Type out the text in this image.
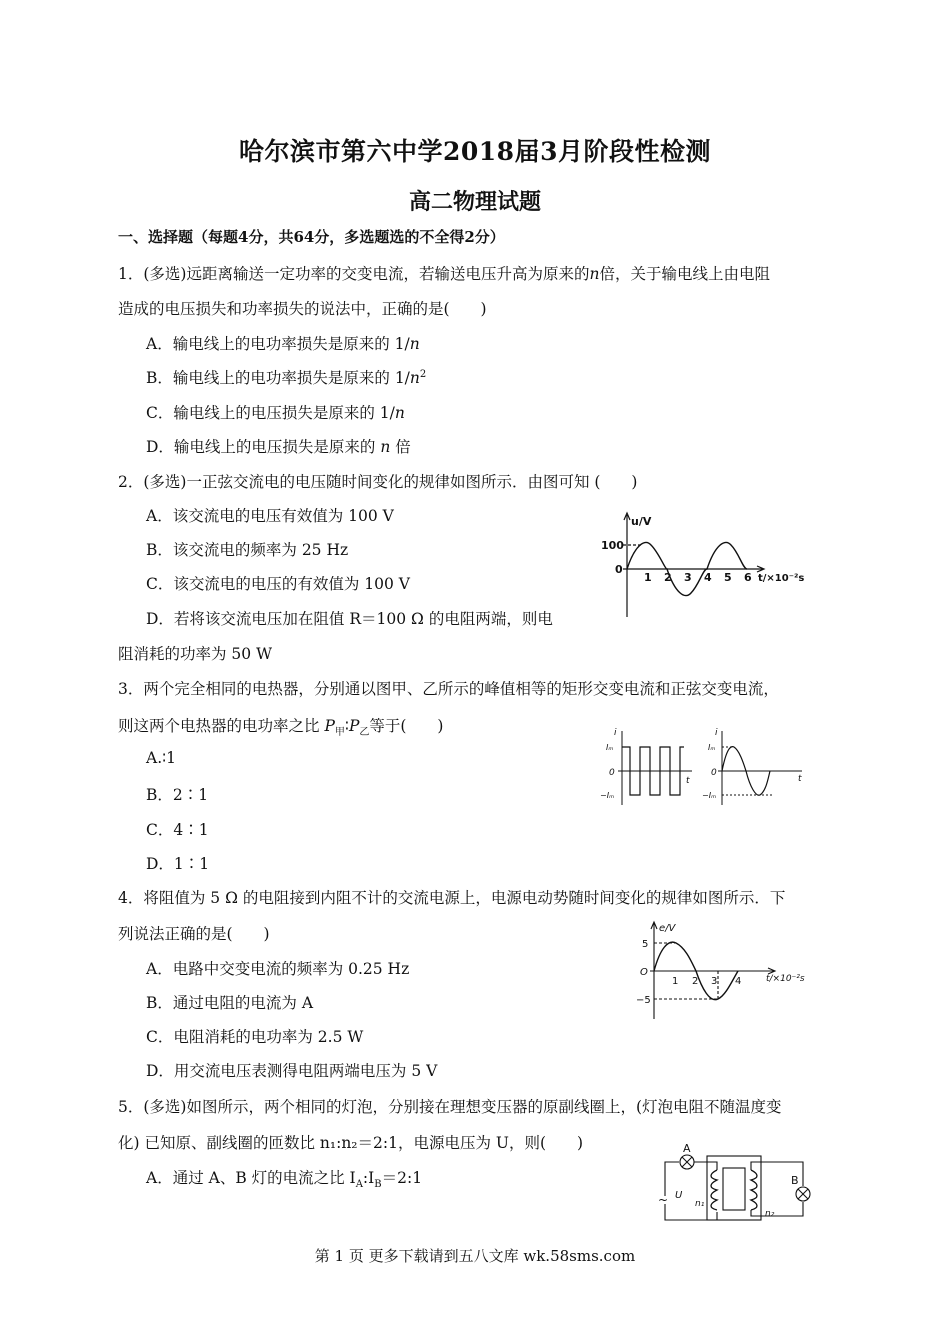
哈尔滨市第六中学2018届3月阶段性检测
高二物理试题
一、选择题（每题4分，共64分，多选题选的不全得2分）
1．(多选)远距离输送一定功率的交变电流，若输送电压升高为原来的n倍，关于输电线上由电阻
造成的电压损失和功率损失的说法中，正确的是(　　)
A．输电线上的电功率损失是原来的 1/n
B．输电线上的电功率损失是原来的 $1/n^2$
C．输电线上的电压损失是原来的 1/n
D．输电线上的电压损失是原来的 n 倍
2．(多选)一正弦交流电的电压随时间变化的规律如图所示．由图可知 (　　)
A．该交流电的电压有效值为 100 V
B．该交流电的频率为 25 Hz
C．该交流电的电压的有效值为 100 V
D．若将该交流电压加在阻值 R＝100 Ω 的电阻两端，则电
阻消耗的功率为 50 W
u/V
100
0
1 2 3 4 5 6 t/×10⁻²s
3．两个完全相同的电热器，分别通以图甲、乙所示的峰值相等的矩形交变电流和正弦交变电流，
则这两个电热器的电功率之比 $P_甲∶P_乙$等于(　　)
A.∶1
B．2∶1
C．4∶1
D．1∶1
i
Iₘ
0
−Iₘ
t
i
Iₘ
0
−Iₘ
t
4．将阻值为 5 Ω 的电阻接到内阻不计的交流电源上，电源电动势随时间变化的规律如图所示．下
列说法正确的是(　　)
A．电路中交变电流的频率为 0.25 Hz
B．通过电阻的电流为 A
C．电阻消耗的电功率为 2.5 W
D．用交流电压表测得电阻两端电压为 5 V
e/V
5
O
−5
1 2 3 4	t/×10⁻²s
5．(多选)如图所示，两个相同的灯泡，分别接在理想变压器的原副线圈上，(灯泡电阻不随温度变
化) 已知原、副线圈的匝数比 n₁:n₂＝2:1，电源电压为 U，则(　　)
A．通过 A、B 灯的电流之比 $I_A:I_B=2:1$
A
B
~ U
n₁
n₂
第 1 页 更多下载请到五八文库 wk.58sms.com
